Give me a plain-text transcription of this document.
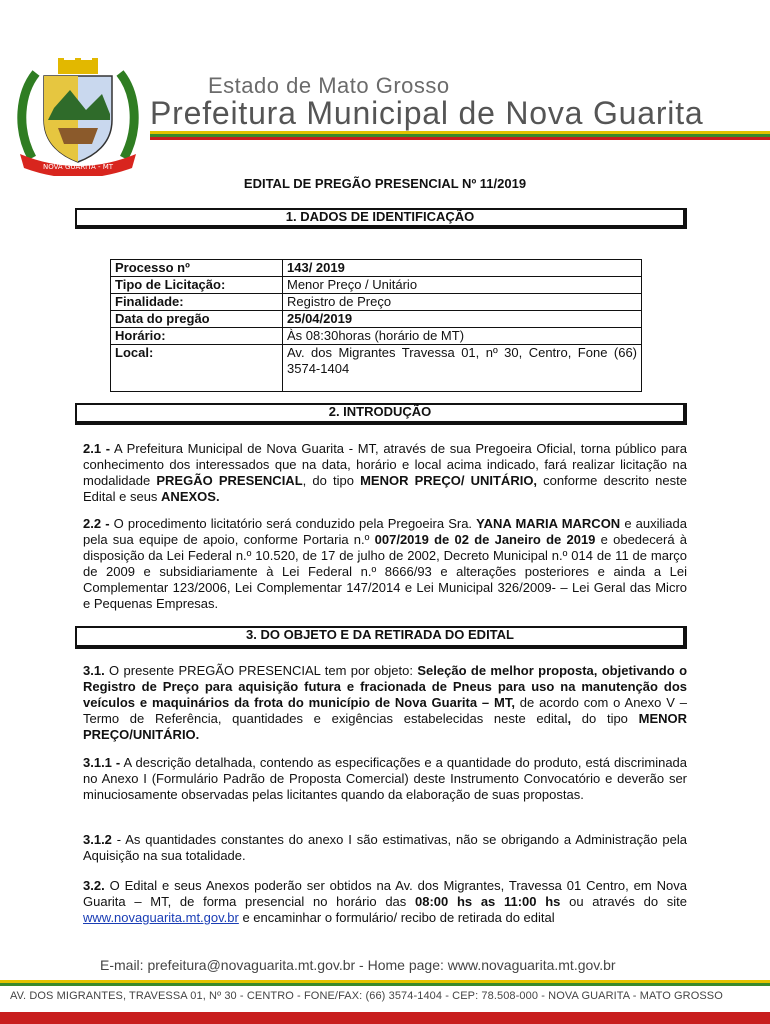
NOVA GUARITA - MT
Estado de Mato Grosso
Prefeitura Municipal de Nova Guarita
EDITAL DE PREGÃO PRESENCIAL Nº 11/2019
1. DADOS DE IDENTIFICAÇÃO
Processo nº	143/ 2019
Tipo de Licitação:	Menor Preço / Unitário
Finalidade:	Registro de Preço
Data do pregão	25/04/2019
Horário:	Às 08:30horas (horário de MT)
Local:	Av. dos Migrantes Travessa 01, nº 30, Centro, Fone (66) 3574-1404
2. INTRODUÇÃO
2.1 - A Prefeitura Municipal de Nova Guarita - MT, através de sua Pregoeira Oficial, torna público para conhecimento dos interessados que na data, horário e local acima indicado, fará realizar licitação na modalidade PREGÃO PRESENCIAL, do tipo MENOR PREÇO/ UNITÁRIO, conforme descrito neste Edital e seus ANEXOS.
2.2 - O procedimento licitatório será conduzido pela Pregoeira Sra. YANA MARIA MARCON e auxiliada pela sua equipe de apoio, conforme Portaria n.º 007/2019 de 02 de Janeiro de 2019 e obedecerá à disposição da Lei Federal n.º 10.520, de 17 de julho de 2002, Decreto Municipal n.º 014 de 11 de março de 2009 e subsidiariamente à Lei Federal n.º 8666/93 e alterações posteriores e ainda a Lei Complementar 123/2006, Lei Complementar 147/2014 e Lei Municipal 326/2009- – Lei Geral das Micro e Pequenas Empresas.
3. DO OBJETO E DA RETIRADA DO EDITAL
3.1. O presente PREGÃO PRESENCIAL tem por objeto: Seleção de melhor proposta, objetivando o Registro de Preço para aquisição futura e fracionada de Pneus para uso na manutenção dos veículos e maquinários da frota do município de Nova Guarita – MT, de acordo com o Anexo V – Termo de Referência, quantidades e exigências estabelecidas neste edital, do tipo MENOR PREÇO/UNITÁRIO.
3.1.1 - A descrição detalhada, contendo as especificações e a quantidade do produto, está discriminada no Anexo I (Formulário Padrão de Proposta Comercial) deste Instrumento Convocatório e deverão ser minuciosamente observadas pelas licitantes quando da elaboração de suas propostas.
3.1.2 - As quantidades constantes do anexo I são estimativas, não se obrigando a Administração pela Aquisição na sua totalidade.
3.2. O Edital e seus Anexos poderão ser obtidos na Av. dos Migrantes, Travessa 01 Centro, em Nova Guarita – MT, de forma presencial no horário das 08:00 hs as 11:00 hs ou através do site www.novaguarita.mt.gov.br e encaminhar o formulário/ recibo de retirada do edital
E-mail: prefeitura@novaguarita.mt.gov.br - Home page: www.novaguarita.mt.gov.br
AV. DOS MIGRANTES, TRAVESSA 01, Nº 30 - CENTRO - FONE/FAX: (66) 3574-1404 - CEP: 78.508-000 - NOVA GUARITA - MATO GROSSO
